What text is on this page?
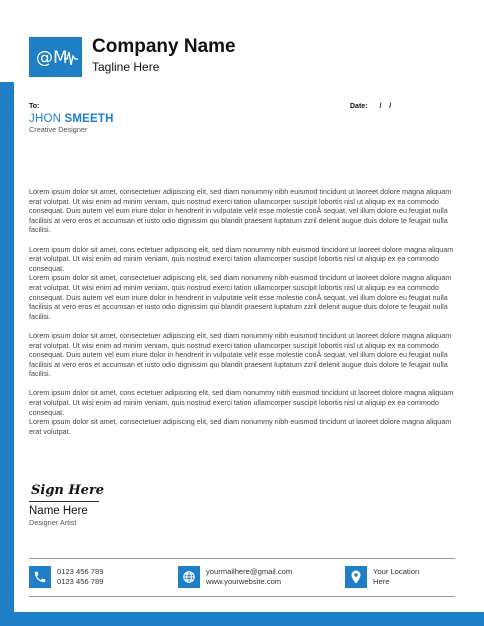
@M
Company Name
Tagline Here
To:	Date: /    /
JHON SMEETH
Creative Designer

Lorem ipsum dolor sit amet, consectetuer adipiscing elit, sed diam nonummy nibh euismod tincidunt ut laoreet dolore magna aliquam erat volutpat. Ut wisi enim ad minim veniam, quis nostrud exerci tation ullamcorper suscipit lobortis nisl ut aliquip ex ea commodo consequat. Duis autem vel eum iriure dolor in hendrerit in vulputate velit esse molestie conÂ sequat, vel illum dolore eu feugiat nulla facilisis at vero eros et accumsan et iusto odio dignissim qui blandit praesent luptatum zzril delenit augue duis dolore te feugait nulla facilisi.

Lorem ipsum dolor sit amet, cons ectetuer adipiscing elit, sed diam nonummy nibh euismod tincidunt ut laoreet dolore magna aliquam erat volutpat. Ut wisi enim ad minim veniam, quis nostrud exerci tation ullamcorper suscipit lobortis nisl ut aliquip ex ea commodo consequat.

Lorem ipsum dolor sit amet, consectetuer adipiscing elit, sed diam nonummy nibh euismod tincidunt ut laoreet dolore magna aliquam erat volutpat. Ut wisi enim ad minim veniam, quis nostrud exerci tation ullamcorper suscipit lobortis nisl ut aliquip ex ea commodo consequat. Duis autem vel eum iriure dolor in hendrerit in vulputate velit esse molestie conÂ sequat, vel illum dolore eu feugiat nulla facilisis at vero eros et accumsan et iusto odio dignissim qui blandit praesent luptatum zzril delenit augue duis dolore te feugait nulla facilisi.

Lorem ipsum dolor sit amet, consectetuer adipiscing elit, sed diam nonummy nibh euismod tincidunt ut laoreet dolore magna aliquam erat volutpat. Ut wisi enim ad minim veniam, quis nostrud exerci tation ullamcorper suscipit lobortis nisl ut aliquip ex ea commodo consequat. Duis autem vel eum iriure dolor in hendrerit in vulputate velit esse molestie conÂ sequat, vel illum dolore eu feugiat nulla facilisis at vero eros et accumsan et iusto odio dignissim qui blandit praesent luptatum zzril delenit augue duis dolore te feugait nulla facilisi.

Lorem ipsum dolor sit amet, cons ectetuer adipiscing elit, sed diam nonummy nibh euismod tincidunt ut laoreet dolore magna aliquam erat volutpat. Ut wisi enim ad minim veniam, quis nostrud exerci tation ullamcorper suscipit lobortis nisl ut aliquip ex ea commodo consequat.

Lorem ipsum dolor sit amet, consectetuer adipiscing elit, sed diam nonummy nibh euismod tincidunt ut laoreet dolore magna aliquam erat volutpat.

Sign Here
Name Here
Designer Artist
0123 456 789
0123 456 789
yourmailhere@gmail.com
www.yourwebsite.com
Your Location
Here
